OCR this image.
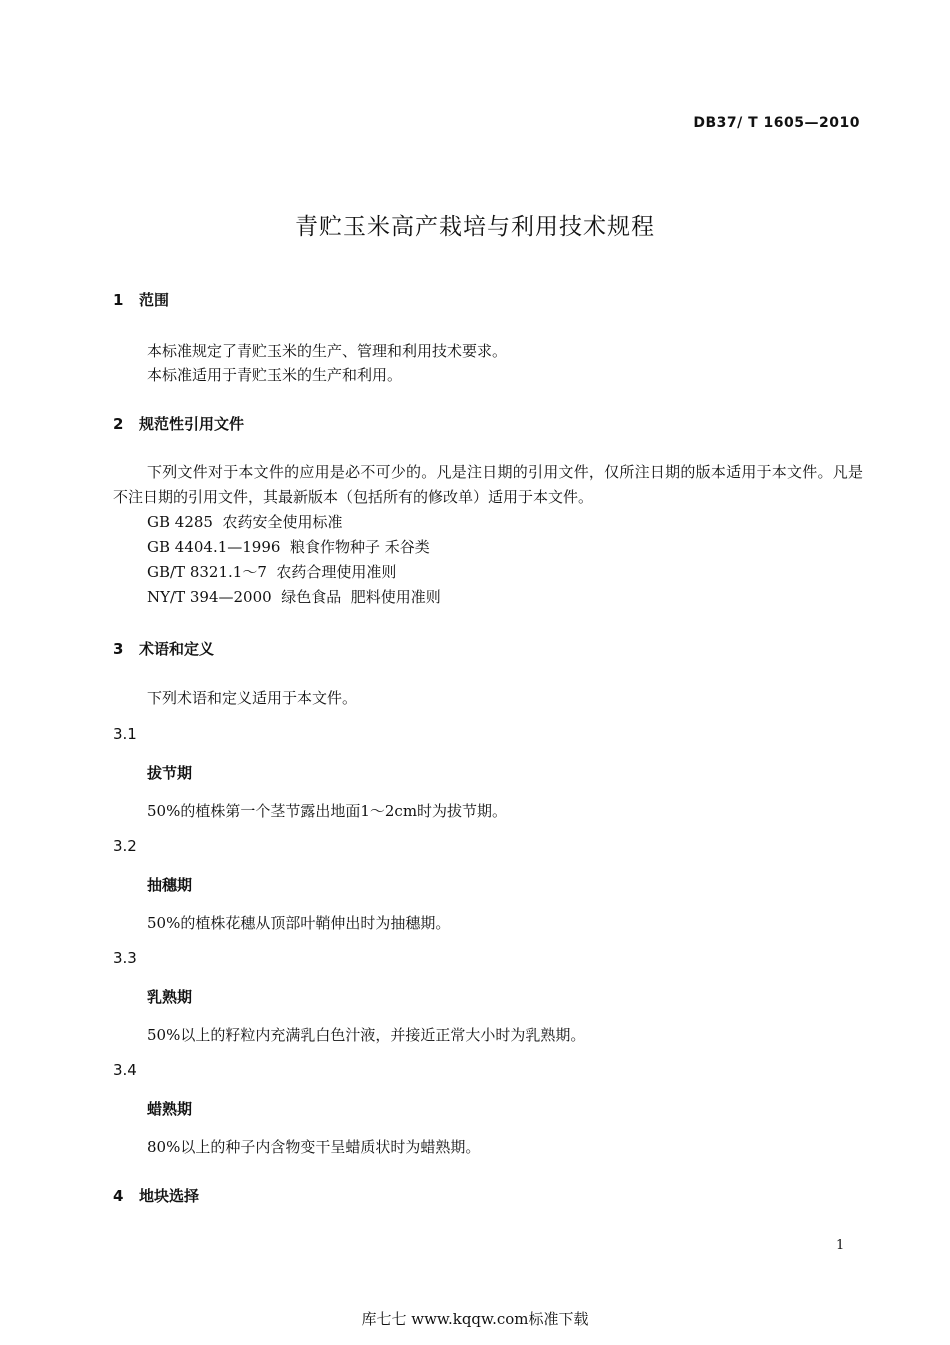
DB37/ T 1605—2010
青贮玉米高产栽培与利用技术规程
1 范围
本标准规定了青贮玉米的生产、管理和利用技术要求。
本标准适用于青贮玉米的生产和利用。
2 规范性引用文件
下列文件对于本文件的应用是必不可少的。凡是注日期的引用文件，仅所注日期的版本适用于本文件。凡是不注日期的引用文件，其最新版本（包括所有的修改单）适用于本文件。
GB 4285  农药安全使用标准
GB 4404.1—1996  粮食作物种子 禾谷类
GB/T 8321.1～7  农药合理使用准则
NY/T 394—2000  绿色食品  肥料使用准则
3 术语和定义
下列术语和定义适用于本文件。
3.1
拔节期
50%的植株第一个茎节露出地面1～2cm时为拔节期。
3.2
抽穗期
50%的植株花穗从顶部叶鞘伸出时为抽穗期。
3.3
乳熟期
50%以上的籽粒内充满乳白色汁液，并接近正常大小时为乳熟期。
3.4
蜡熟期
80%以上的种子内含物变干呈蜡质状时为蜡熟期。
4 地块选择
1
库七七 www.kqqw.com标准下载
